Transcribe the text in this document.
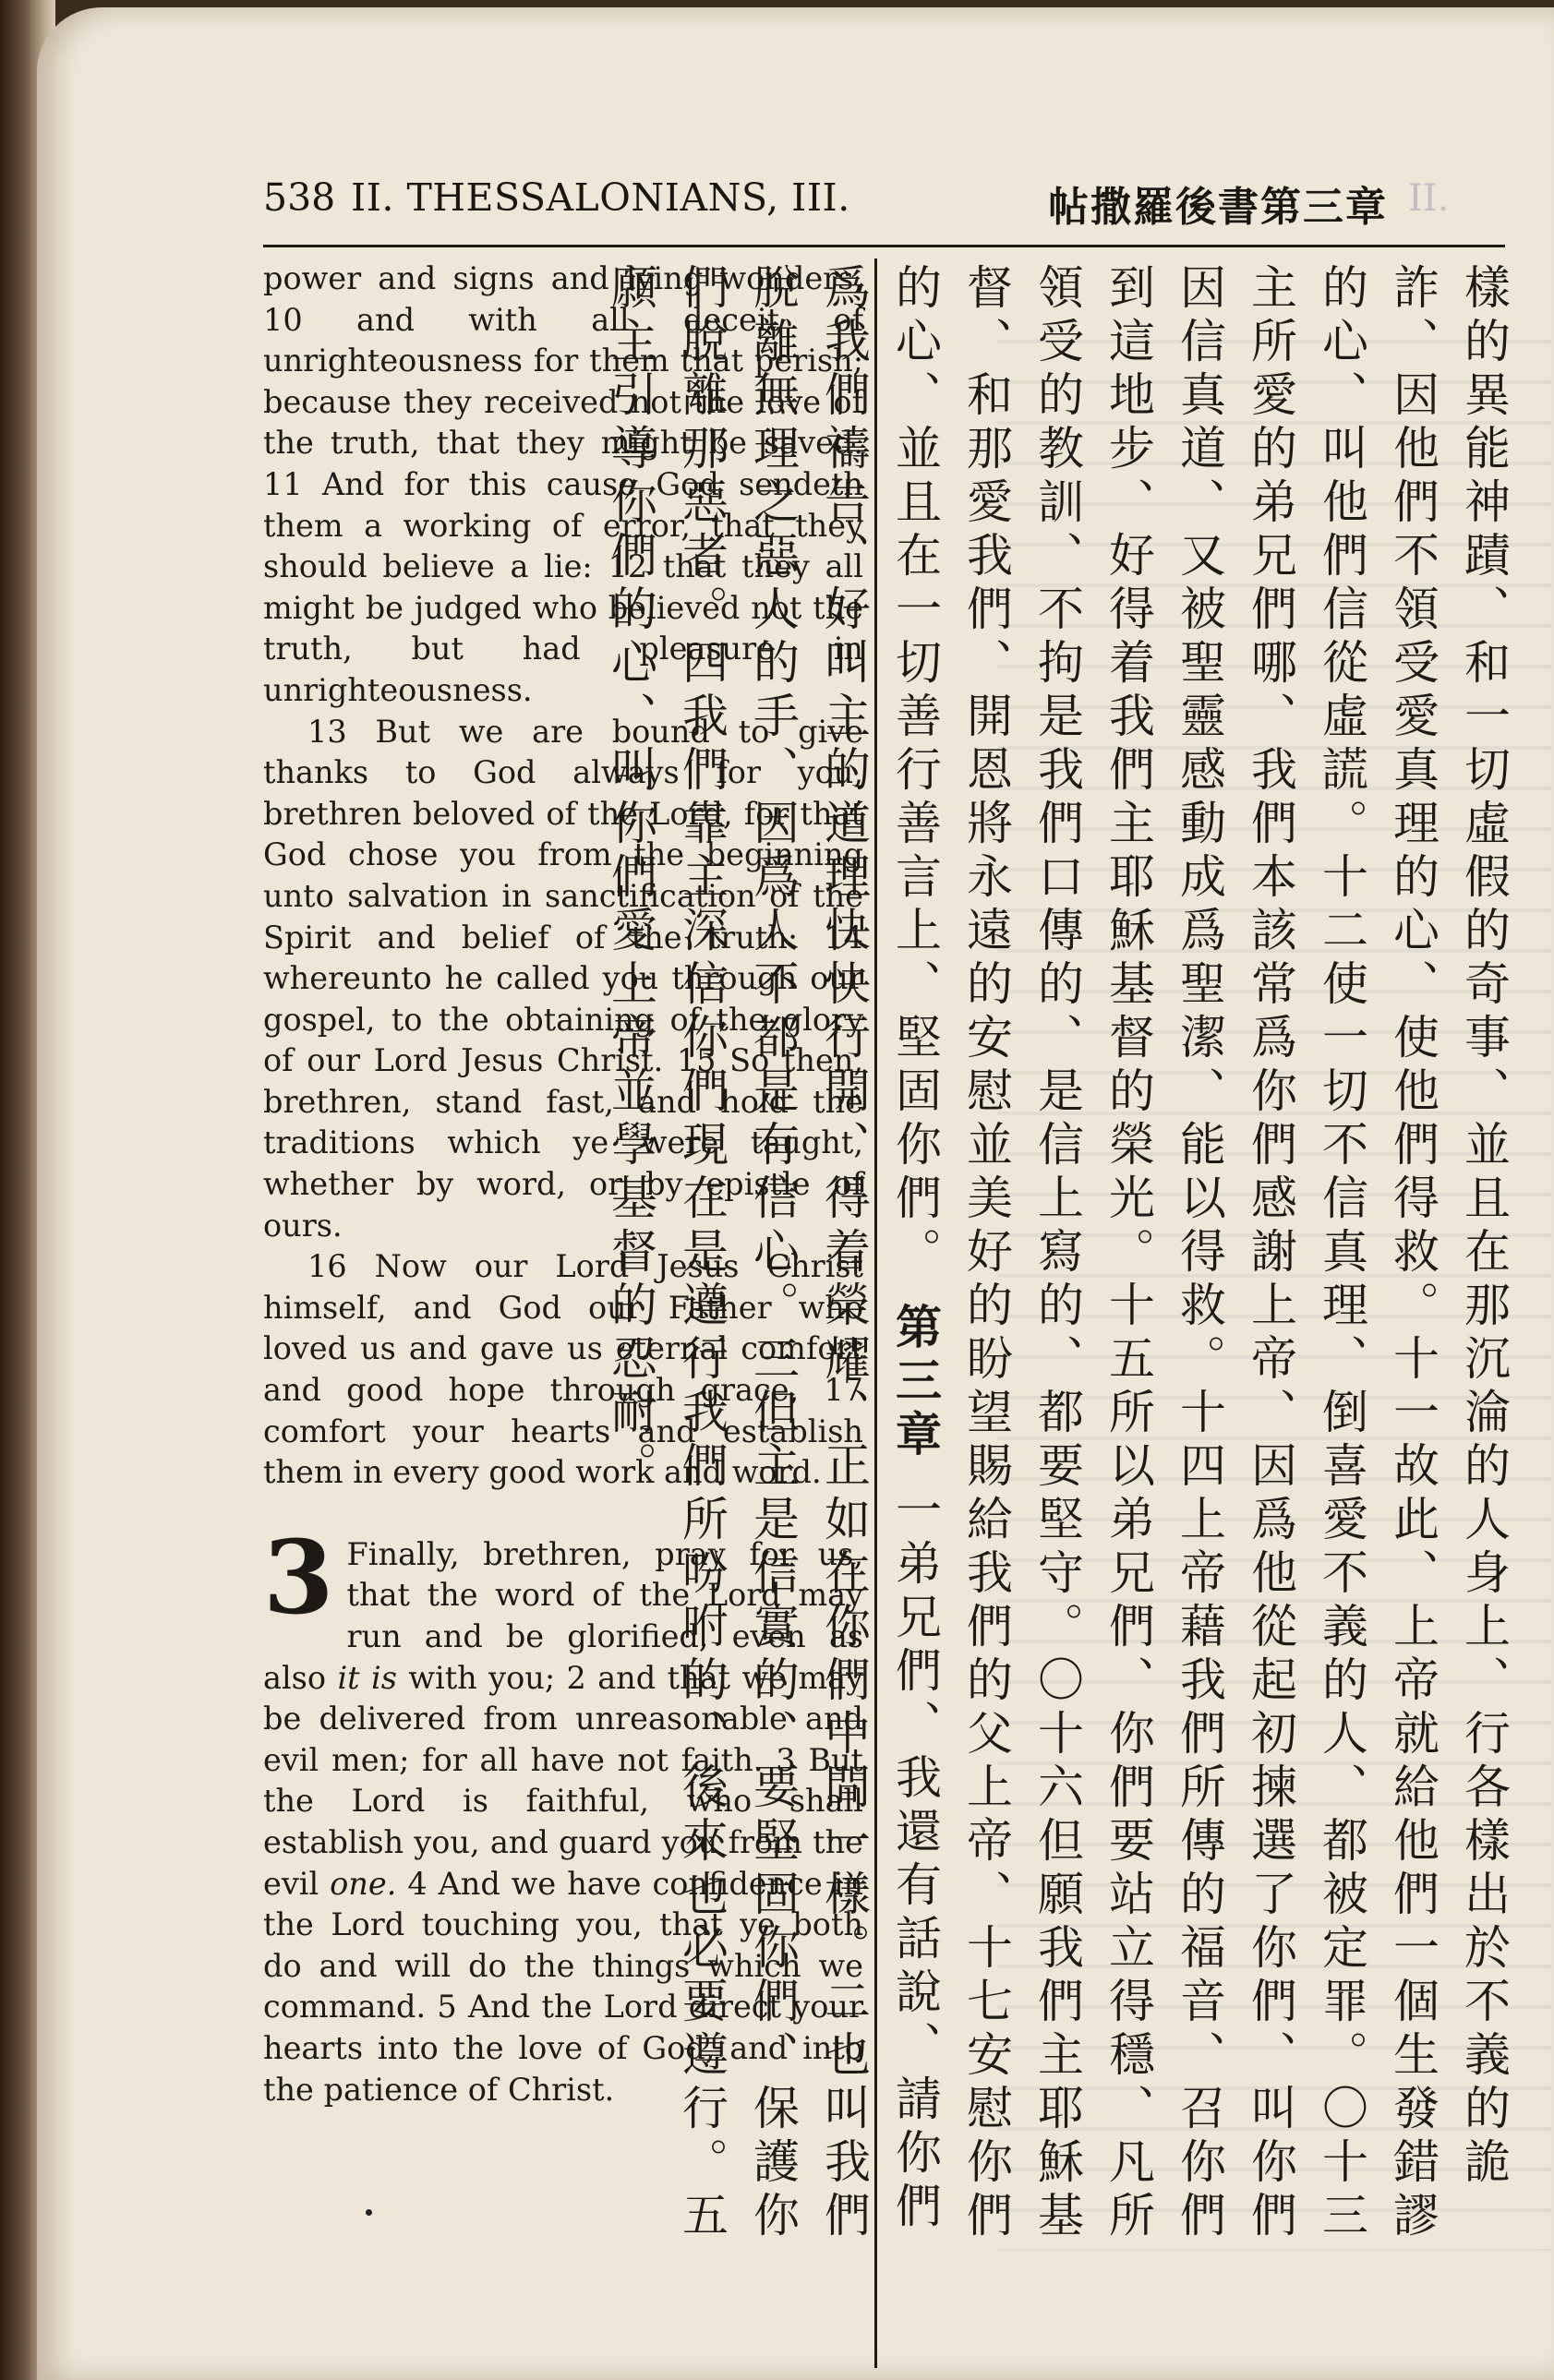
538 II. THESSALONIANS, III.	帖撒羅後書第三章 II.

power and signs and lying wonders, 10 and with all deceit of unrighteousness for them that perish; because they received not the love of the truth, that they might be saved. 11 And for this cause God sendeth them a working of error, that they should believe a lie: 12 that they all might be judged who believed not the truth, but had pleasure in unrighteousness.

13 But we are bound to give thanks to God always for you, brethren beloved of the Lord, for that God chose you from the beginning unto salvation in sanctification of the Spirit and belief of the truth: 14 whereunto he called you through our gospel, to the obtaining of the glory of our Lord Jesus Christ. 15 So then, brethren, stand fast, and hold the traditions which ye were taught, whether by word, or by epistle of ours.

16 Now our Lord Jesus Christ himself, and God our Father who loved us and gave us eternal comfort and good hope through grace, 17 comfort your hearts and establish them in every good work and word.

3 Finally, brethren, pray for us, that the word of the Lord may run and be glorified, even as also it is with you; 2 and that we may be delivered from unreasonable and evil men; for all have not faith. 3 But the Lord is faithful, who shall establish you, and guard you from the evil one. 4 And we have confidence in the Lord touching you, that ye both do and will do the things which we command. 5 And the Lord direct your hearts into the love of God, and into the patience of Christ.	樣的異能神蹟、和一切虛假的奇事、並且在那沉淪的人身上、行各樣出於不義的詭詐、因他們不領受愛真理的心、使他們得救。十一故此、上帝就給他們一個生發錯謬的心、叫他們信從虛謊。十二使一切不信真理、倒喜愛不義的人、都被定罪。〇十三主所愛的弟兄們哪、我們本該常爲你們感謝上帝、因爲他從起初揀選了你們、叫你們因信真道、又被聖靈感動成爲聖潔、能以得救。十四上帝藉我們所傳的福音、召你們到這地步、好得着我們主耶穌基督的榮光。十五所以弟兄們、你們要站立得穩、凡所領受的教訓、不拘是我們口傳的、是信上寫的、都要堅守。〇十六但願我們主耶穌基督、和那愛我們、開恩將永遠的安慰並美好的盼望賜給我們的父上帝、十七安慰你們的心、並且在一切善行善言上、堅固你們。 第三章 一弟兄們、我還有話說、請你們爲我們禱告、好叫主的道理快快行開、得着榮耀、正如在你們中間一樣。二也叫我們脫離無理之惡人的手、因爲人不都是有信心。三但主是信實的、要堅固你們、保護你們脫離那惡者。四我們靠主深信你們現在是遵行我們所吩咐的、後來也必要遵行。五願主引導你們的心、叫你們愛上帝並學基督的忍耐。
